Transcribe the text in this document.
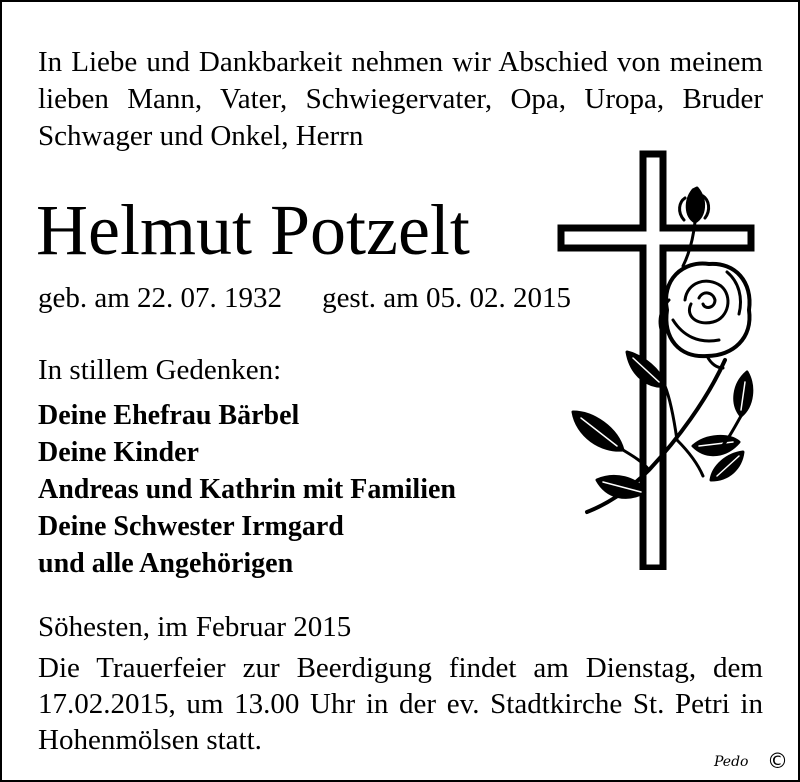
In Liebe und Dankbarkeit nehmen wir Abschied von meinem
lieben Mann, Vater, Schwiegervater, Opa, Uropa, Bruder
Schwager und Onkel, Herrn

Helmut Potzelt
geb. am 22. 07. 1932 gest. am 05. 02. 2015
In stillem Gedenken:
Deine Ehefrau Bärbel
Deine Kinder
Andreas und Kathrin mit Familien
Deine Schwester Irmgard
und alle Angehörigen
Söhesten, im Februar 2015

Die Trauerfeier zur Beerdigung findet am Dienstag, dem
17.02.2015, um 13.00 Uhr in der ev. Stadtkirche St. Petri in
Hohenmölsen statt.

Pedo ©
